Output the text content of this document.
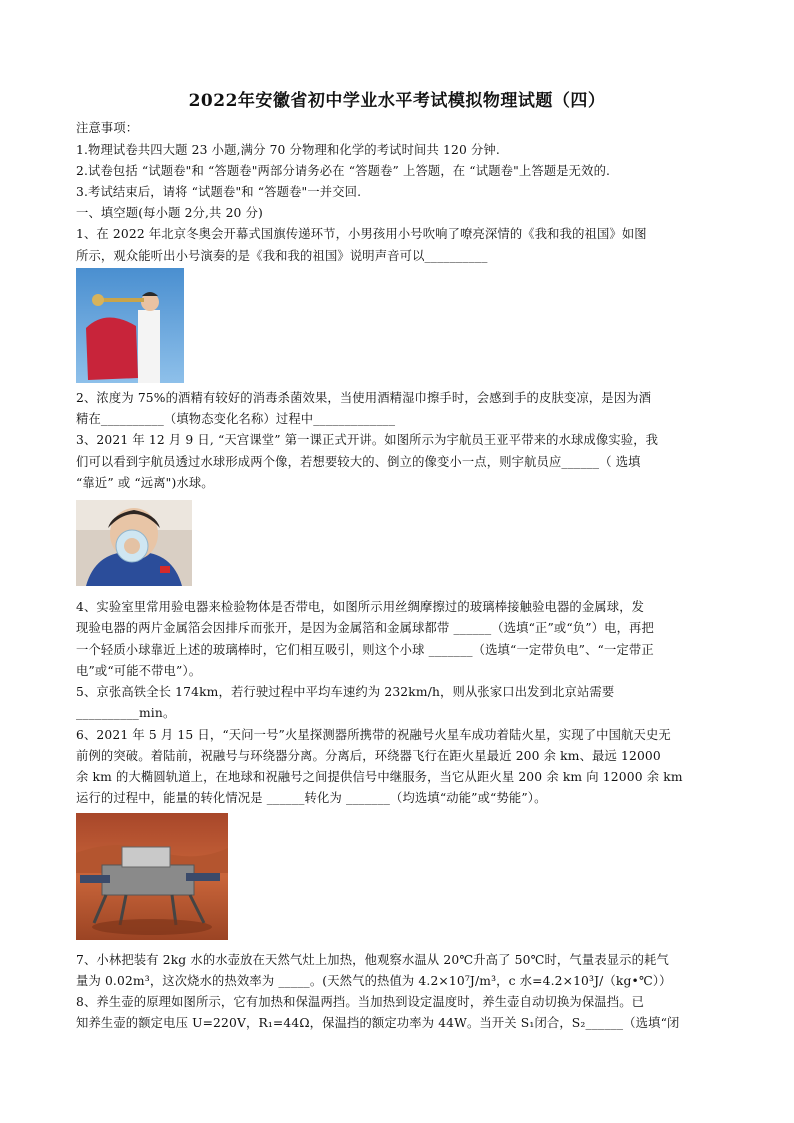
2022年安徽省初中学业水平考试模拟物理试题（四）
注意事项：
1.物理试卷共四大题 23 小题,满分 70 分物理和化学的考试时间共 120 分钟.
2.试卷包括 “试题卷"和 “答题卷"两部分请务必在 “答题卷” 上答题，在 “试题卷"上答题是无效的.
3.考试结束后，请将 “试题卷"和 “答题卷"一并交回.
一、填空题(每小题 2分,共 20 分)
1、在 2022 年北京冬奥会开幕式国旗传递环节，小男孩用小号吹响了嘹亮深情的《我和我的祖国》如图
所示，观众能听出小号演奏的是《我和我的祖国》说明声音可以__________
2、浓度为 75%的酒精有较好的消毒杀菌效果，当使用酒精湿巾擦手时，会感到手的皮肤变凉，是因为酒
精在__________（填物态变化名称）过程中_____________
3、2021 年 12 月 9 日, “天宫课堂” 第一课正式开讲。如图所示为宇航员王亚平带来的水球成像实验，我
们可以看到宇航员透过水球形成两个像，若想要较大的、倒立的像变小一点，则宇航员应______（ 选填
“靠近” 或 “远离")水球。
4、实验室里常用验电器来检验物体是否带电，如图所示用丝绸摩擦过的玻璃棒接触验电器的金属球，发
现验电器的两片金属箔会因排斥而张开，是因为金属箔和金属球都带 ______（选填“正”或“负”）电，再把
一个轻质小球靠近上述的玻璃棒时，它们相互吸引，则这个小球 _______（选填“一定带负电”、“一定带正
电”或“可能不带电”）。
5、京张高铁全长 174km，若行驶过程中平均车速约为 232km/h，则从张家口出发到北京站需要
__________min。
6、2021 年 5 月 15 日，“天问一号”火星探测器所携带的祝融号火星车成功着陆火星，实现了中国航天史无
前例的突破。着陆前，祝融号与环绕器分离。分离后，环绕器飞行在距火星最近 200 余 km、最远 12000
余 km 的大椭圆轨道上，在地球和祝融号之间提供信号中继服务，当它从距火星 200 余 km 向 12000 余 km
运行的过程中，能量的转化情况是 ______转化为 _______（均选填“动能”或“势能”）。
7、小林把装有 2kg 水的水壶放在天然气灶上加热，他观察水温从 20℃升高了 50℃时，气量表显示的耗气
量为 0.02m³，这次烧水的热效率为 _____。(天然气的热值为 4.2×10⁷J/m³，c 水=4.2×10³J/（kg•℃））
8、养生壶的原理如图所示，它有加热和保温两挡。当加热到设定温度时，养生壶自动切换为保温挡。已
知养生壶的额定电压 U=220V，R₁=44Ω，保温挡的额定功率为 44W。当开关 S₁闭合，S₂______（选填“闭
